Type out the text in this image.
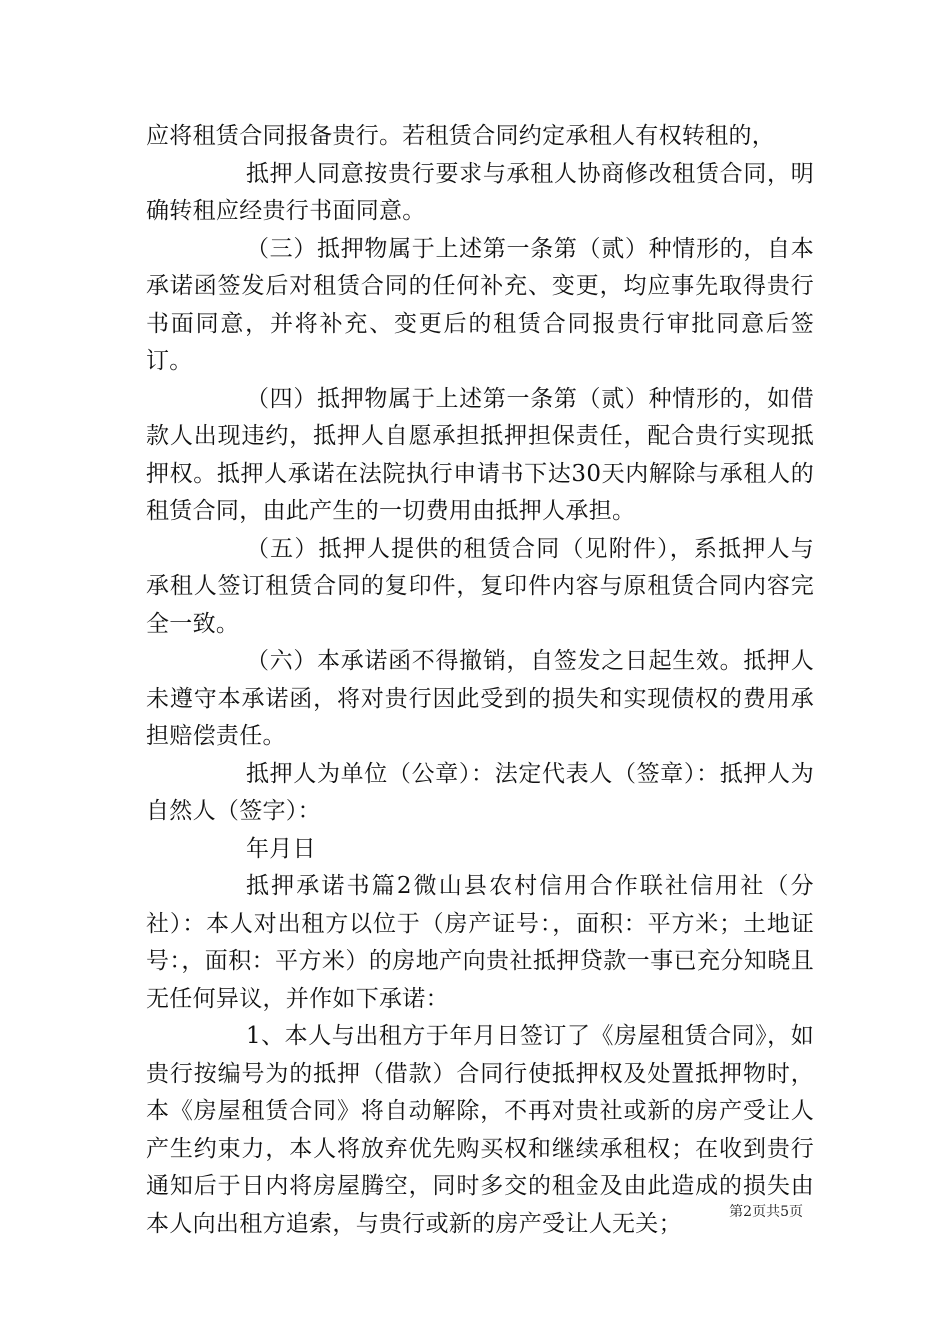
应将租赁合同报备贵行。若租赁合同约定承租人有权转租的，

抵押人同意按贵行要求与承租人协商修改租赁合同，明确转租应经贵行书面同意。

（三）抵押物属于上述第一条第（贰）种情形的，自本承诺函签发后对租赁合同的任何补充、变更，均应事先取得贵行书面同意，并将补充、变更后的租赁合同报贵行审批同意后签订。

（四）抵押物属于上述第一条第（贰）种情形的，如借款人出现违约，抵押人自愿承担抵押担保责任，配合贵行实现抵押权。抵押人承诺在法院执行申请书下达30天内解除与承租人的租赁合同，由此产生的一切费用由抵押人承担。

（五）抵押人提供的租赁合同（见附件），系抵押人与承租人签订租赁合同的复印件，复印件内容与原租赁合同内容完全一致。

（六）本承诺函不得撤销，自签发之日起生效。抵押人未遵守本承诺函，将对贵行因此受到的损失和实现债权的费用承担赔偿责任。

抵押人为单位（公章）：法定代表人（签章）：抵押人为自然人（签字）：

年月日

抵押承诺书篇2微山县农村信用合作联社信用社（分社）：本人对出租方以位于（房产证号：，面积：平方米；土地证号：，面积：平方米）的房地产向贵社抵押贷款一事已充分知晓且无任何异议，并作如下承诺：

1、本人与出租方于年月日签订了《房屋租赁合同》，如贵行按编号为的抵押（借款）合同行使抵押权及处置抵押物时，本《房屋租赁合同》将自动解除，不再对贵社或新的房产受让人产生约束力，本人将放弃优先购买权和继续承租权；在收到贵行通知后于日内将房屋腾空，同时多交的租金及由此造成的损失由本人向出租方追索，与贵行或新的房产受让人无关；	第2页共5页
